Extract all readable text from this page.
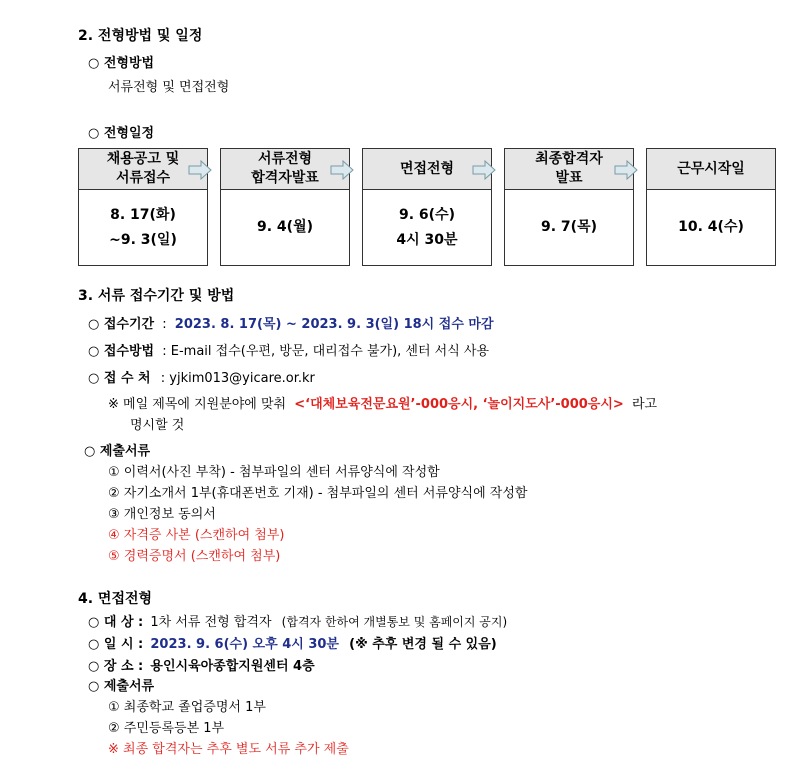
2. 전형방법 및 일정
○ 전형방법
서류전형 및 면접전형
○ 전형일정
채용공고 및
서류접수
8. 17(화)
~9. 3(일)
서류전형
합격자발표
9. 4(월)
면접전형
9. 6(수)
4시 30분
최종합격자
발표
9. 7(목)
근무시작일
10. 4(수)
3. 서류 접수기간 및 방법
○ 접수기간 : 2023. 8. 17(목) ~ 2023. 9. 3(일) 18시 접수 마감
○ 접수방법 : E-mail 접수(우편, 방문, 대리접수 불가), 센터 서식 사용
○ 접 수 처 : yjkim013@yicare.or.kr
※ 메일 제목에 지원분야에 맞춰 <‘대체보육전문요원’-000응시, ‘놀이지도사’-000응시> 라고
명시할 것
○ 제출서류
① 이력서(사진 부착) - 첨부파일의 센터 서류양식에 작성함
② 자기소개서 1부(휴대폰번호 기재) - 첨부파일의 센터 서류양식에 작성함
③ 개인정보 동의서
④ 자격증 사본 (스캔하여 첨부)
⑤ 경력증명서 (스캔하여 첨부)
4. 면접전형
○ 대 상 : 1차 서류 전형 합격자 (합격자 한하여 개별통보 및 홈페이지 공지)
○ 일 시 : 2023. 9. 6(수) 오후 4시 30분 (※ 추후 변경 될 수 있음)
○ 장 소 : 용인시육아종합지원센터 4층
○ 제출서류
① 최종학교 졸업증명서 1부
② 주민등록등본 1부
※ 최종 합격자는 추후 별도 서류 추가 제출
